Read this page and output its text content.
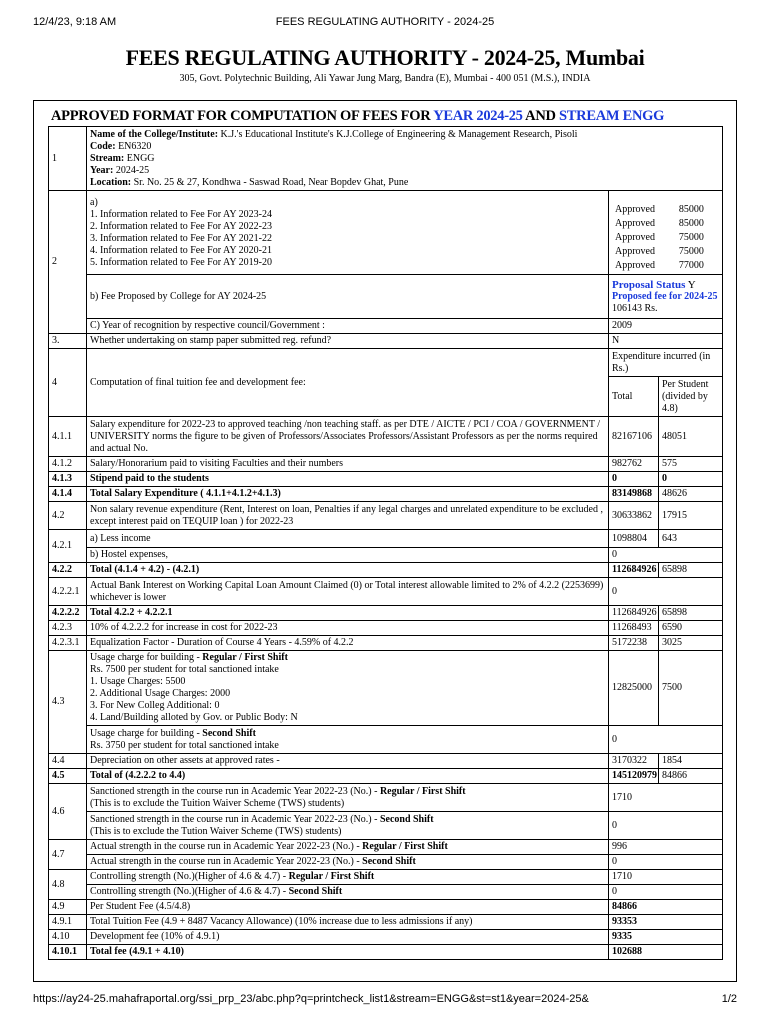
12/4/23, 9:18 AM	FEES REGULATING AUTHORITY - 2024-25
FEES REGULATING AUTHORITY - 2024-25, Mumbai
305, Govt. Polytechnic Building, Ali Yawar Jung Marg, Bandra (E), Mumbai - 400 051 (M.S.), INDIA
APPROVED FORMAT FOR COMPUTATION OF FEES FOR YEAR 2024-25 AND STREAM ENGG
1	
Name of the College/Institute: K.J.'s Educational Institute's K.J.College of Engineering & Management Research, Pisoli
Code: EN6320
Stream: ENGG
Year: 2024-25
Location: Sr. No. 25 & 27, Kondhwa - Saswad Road, Near Bopdev Ghat, Pune

2	
a)
1. Information related to Fee For AY 2023-24
2. Information related to Fee For AY 2022-23
3. Information related to Fee For AY 2021-22
4. Information related to Fee For AY 2020-21
5. Information related to Fee For AY 2019-20

Approved	85000
Approved	85000
Approved	75000
Approved	75000
Approved	77000

b) Fee Proposed by College for AY 2024-25	
Proposal Status Y
Proposed fee for 2024-25 106143 Rs.

C) Year of recognition by respective council/Government :	2009
3.	Whether undertaking on stamp paper submitted reg. refund?	N
4	Computation of final tuition fee and development fee:	Expenditure incurred (in Rs.)
Total	Per Student (divided by 4.8)
4.1.1	Salary expenditure for 2022-23 to approved teaching /non teaching staff. as per DTE / AICTE / PCI / COA / GOVERNMENT / UNIVERSITY norms the figure to be given of Professors/Associates Professors/Assistant Professors as per the norms required and actual No.	82167106	48051
4.1.2	Salary/Honorarium paid to visiting Faculties and their numbers	982762	575
4.1.3	Stipend paid to the students	0	0
4.1.4	Total Salary Expenditure ( 4.1.1+4.1.2+4.1.3)	83149868	48626
4.2	Non salary revenue expenditure (Rent, Interest on loan, Penalties if any legal charges and unrelated expenditure to be excluded , except interest paid on TEQUIP loan ) for 2022-23	30633862	17915
4.2.1	a) Less income	1098804	643
b) Hostel expenses,	0
4.2.2	Total (4.1.4 + 4.2) - (4.2.1)	112684926	65898
4.2.2.1	Actual Bank Interest on Working Capital Loan Amount Claimed (0) or Total interest allowable limited to 2% of 4.2.2 (2253699) whichever is lower	0
4.2.2.2	Total 4.2.2 + 4.2.2.1	112684926	65898
4.2.3	10% of 4.2.2.2 for increase in cost for 2022-23	11268493	6590
4.2.3.1	Equalization Factor - Duration of Course 4 Years - 4.59% of 4.2.2	5172238	3025
4.3	
Usage charge for building - Regular / First Shift
Rs. 7500 per student for total sanctioned intake
1. Usage Charges: 5500
2. Additional Usage Charges: 2000
3. For New Colleg Additional: 0
4. Land/Building alloted by Gov. or Public Body: N
	12825000	7500

Usage charge for building - Second Shift
Rs. 3750 per student for total sanctioned intake
	0
4.4	Depreciation on other assets at approved rates -	3170322	1854
4.5	Total of (4.2.2.2 to 4.4)	145120979	84866
4.6	
Sanctioned strength in the course run in Academic Year 2022-23 (No.) - Regular / First Shift
(This is to exclude the Tuition Waiver Scheme (TWS) students)
	1710

Sanctioned strength in the course run in Academic Year 2022-23 (No.) - Second Shift
(This is to exclude the Tution Waiver Scheme (TWS) students)
	0
4.7	Actual strength in the course run in Academic Year 2022-23 (No.) - Regular / First Shift	996
Actual strength in the course run in Academic Year 2022-23 (No.) - Second Shift	0
4.8	Controlling strength (No.)(Higher of 4.6 & 4.7) - Regular / First Shift	1710
Controlling strength (No.)(Higher of 4.6 & 4.7) - Second Shift	0
4.9	Per Student Fee (4.5/4.8)	84866
4.9.1	Total Tuition Fee (4.9 + 8487 Vacancy Allowance) (10% increase due to less admissions if any)	93353
4.10	Development fee (10% of 4.9.1)	9335
4.10.1	Total fee (4.9.1 + 4.10)	102688
https://ay24-25.mahafraportal.org/ssi_prp_23/abc.php?q=printcheck_list1&stream=ENGG&st=st1&year=2024-25&	1/2
